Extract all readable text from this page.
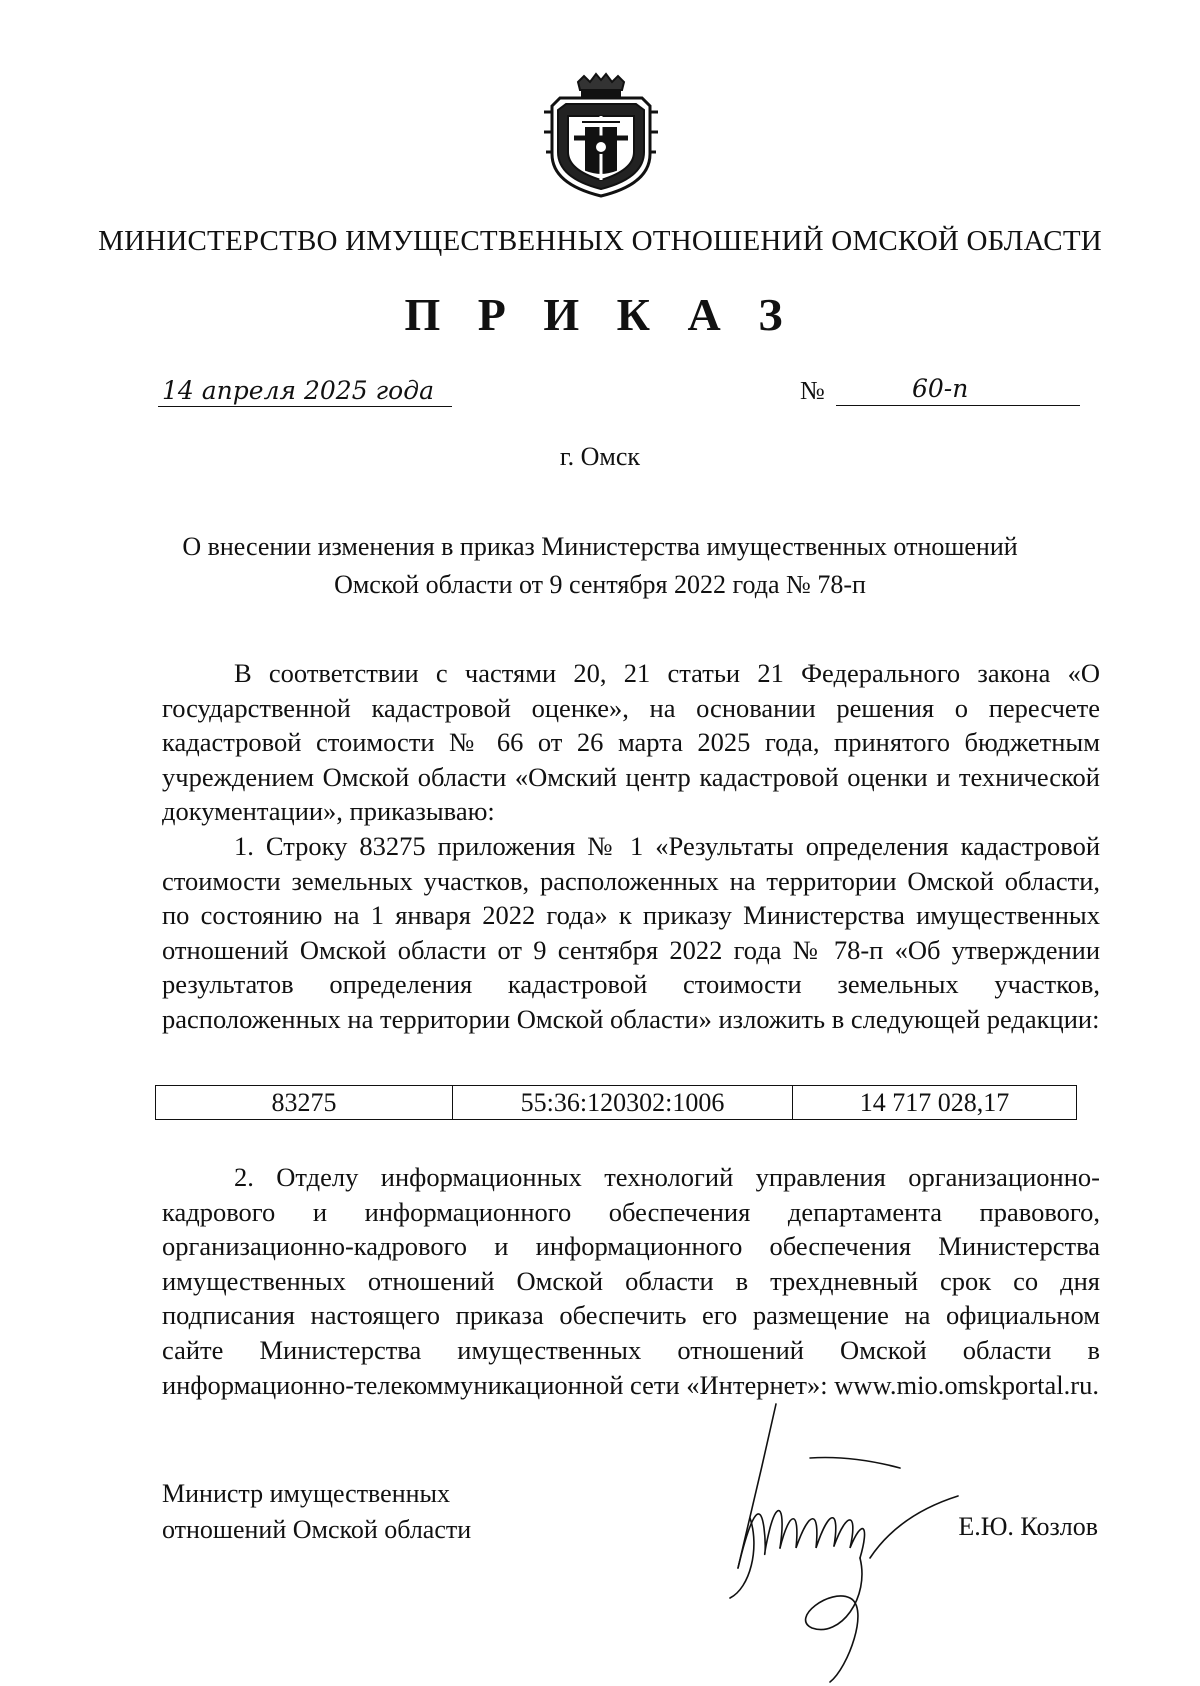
МИНИСТЕРСТВО ИМУЩЕСТВЕННЫХ ОТНОШЕНИЙ ОМСКОЙ ОБЛАСТИ
П Р И К А З
14 апреля 2025 года	№	60-п
г. Омск
О внесении изменения в приказ Министерства имущественных отношений
Омской области от 9 сентября 2022 года № 78-п

В соответствии с частями 20, 21 статьи 21 Федерального закона «О государственной кадастровой оценке», на основании решения о пересчете кадастровой стоимости № 66 от 26 марта 2025 года, принятого бюджетным учреждением Омской области «Омский центр кадастровой оценки и технической документации», приказываю:

1. Строку 83275 приложения № 1 «Результаты определения кадастровой стоимости земельных участков, расположенных на территории Омской области, по состоянию на 1 января 2022 года» к приказу Министерства имущественных отношений Омской области от 9 сентября 2022 года № 78-п «Об утверждении результатов определения кадастровой стоимости земельных участков, расположенных на территории Омской области» изложить в следующей редакции:

83275	55:36:120302:1006	14 717 028,17

2. Отделу информационных технологий управления организационно-кадрового и информационного обеспечения департамента правового, организационно-кадрового и информационного обеспечения Министерства имущественных отношений Омской области в трехдневный срок со дня подписания настоящего приказа обеспечить его размещение на официальном сайте Министерства имущественных отношений Омской области в информационно-телекоммуникационной сети «Интернет»: www.mio.omskportal.ru.

Министр имущественных
отношений Омской области	Е.Ю. Козлов
